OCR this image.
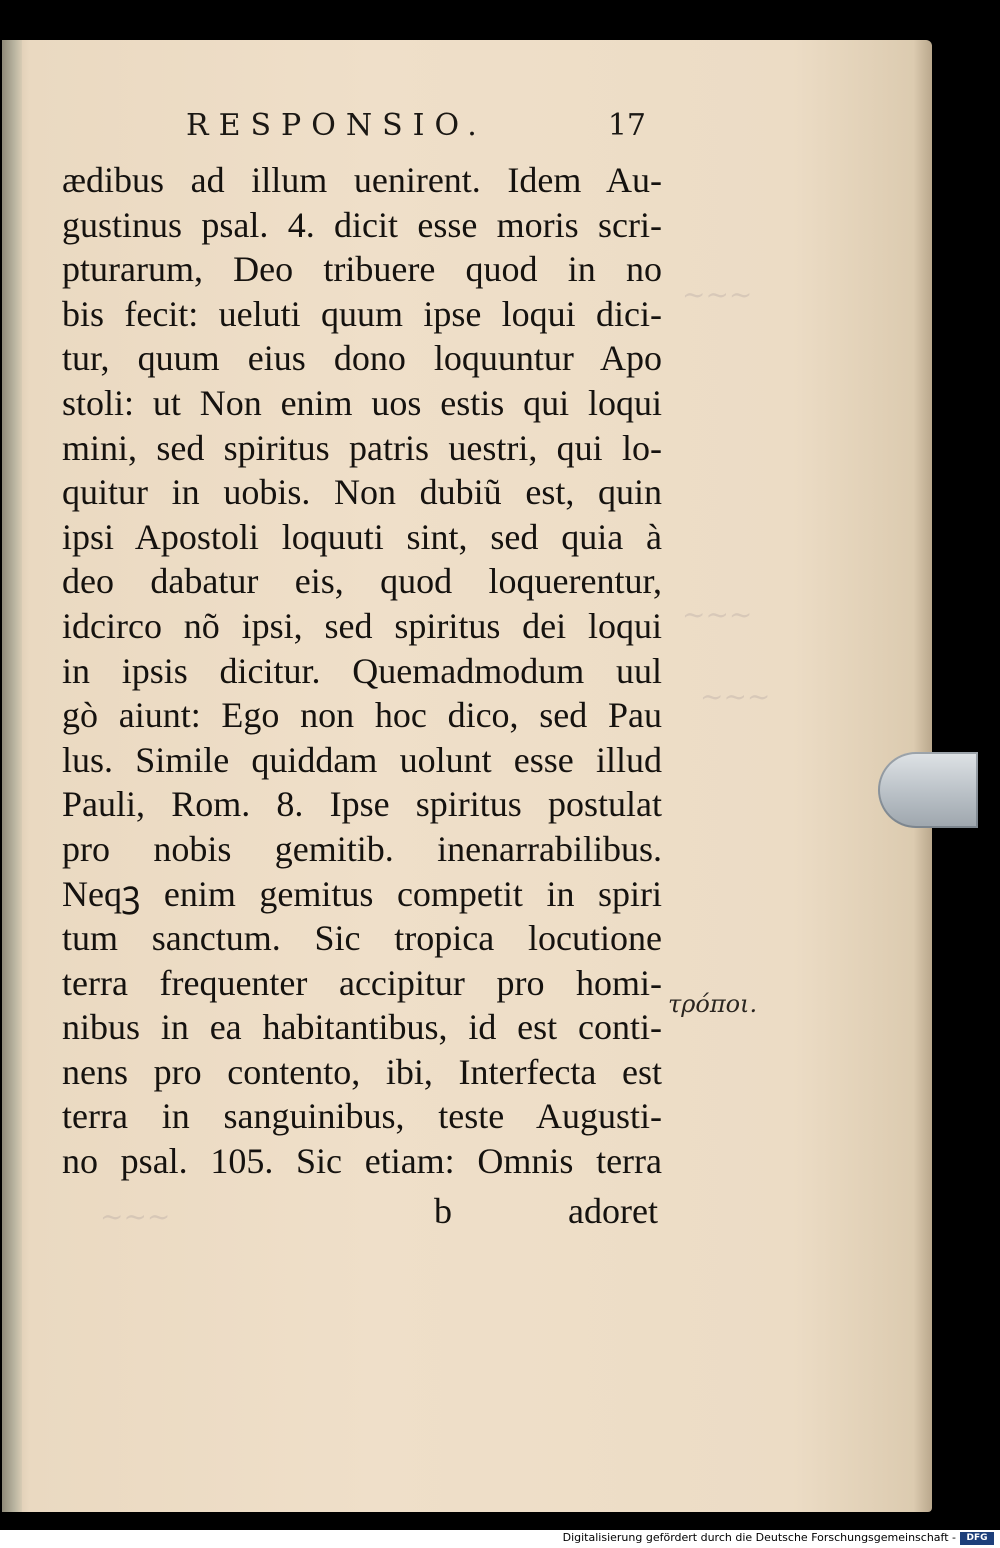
~~~
~~~
~~~
~~~
RESPONSIO.	17
ædibus ad illum uenirent. Idem Au-
gustinus psal. 4. dicit esse moris scri-
pturarum, Deo tribuere quod in no
bis fecit: ueluti quum ipse loqui dici-
tur, quum eius dono loquuntur Apo
stoli: ut Non enim uos estis qui loqui
mini, sed spiritus patris uestri, qui lo-
quitur in uobis. Non dubiũ est, quin
ipsi Apostoli loquuti sint, sed quia à
deo dabatur eis, quod loquerentur,
idcirco nõ ipsi, sed spiritus dei loqui
in ipsis dicitur. Quemadmodum uul
gò aiunt: Ego non hoc dico, sed Pau
lus. Simile quiddam uolunt esse illud
Pauli, Rom. 8. Ipse spiritus postulat
pro nobis gemitib. inenarrabilibus.
Neqꝫ enim gemitus competit in spiri
tum sanctum. Sic tropica locutione
terra frequenter accipitur pro homi-
nibus in ea habitantibus, id est conti-
nens pro contento, ibi, Interfecta est
terra in sanguinibus, teste Augusti-
no psal. 105. Sic etiam: Omnis terra
b	adoret
τρόποι.
Digitalisierung gefördert durch die Deutsche Forschungsgemeinschaft -	DFG
